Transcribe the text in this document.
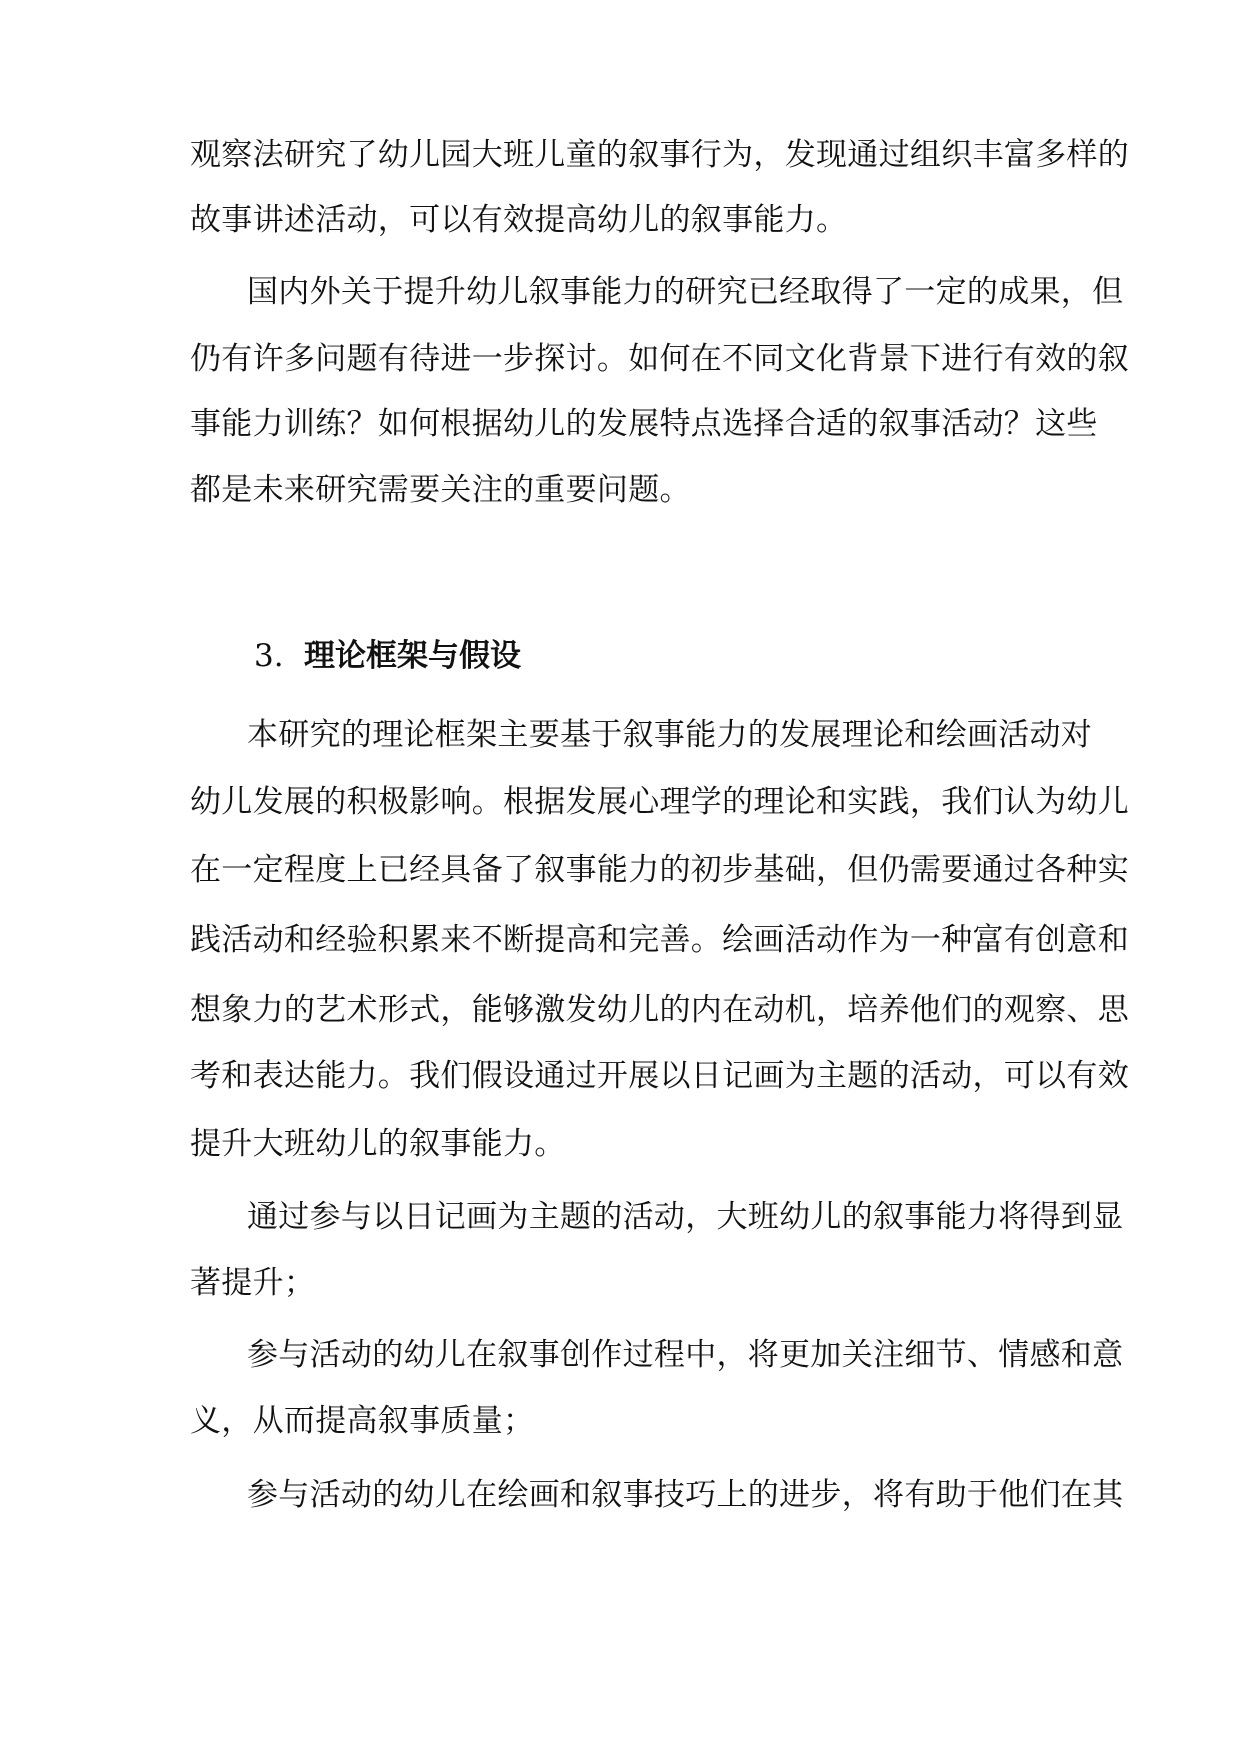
观察法研究了幼儿园大班儿童的叙事行为，发现通过组织丰富多样的
故事讲述活动，可以有效提高幼儿的叙事能力。
国内外关于提升幼儿叙事能力的研究已经取得了一定的成果，但
仍有许多问题有待进一步探讨。如何在不同文化背景下进行有效的叙
事能力训练？如何根据幼儿的发展特点选择合适的叙事活动？这些
都是未来研究需要关注的重要问题。
3. 理论框架与假设
本研究的理论框架主要基于叙事能力的发展理论和绘画活动对
幼儿发展的积极影响。根据发展心理学的理论和实践，我们认为幼儿
在一定程度上已经具备了叙事能力的初步基础，但仍需要通过各种实
践活动和经验积累来不断提高和完善。绘画活动作为一种富有创意和
想象力的艺术形式，能够激发幼儿的内在动机，培养他们的观察、思
考和表达能力。我们假设通过开展以日记画为主题的活动，可以有效
提升大班幼儿的叙事能力。
通过参与以日记画为主题的活动，大班幼儿的叙事能力将得到显
著提升；
参与活动的幼儿在叙事创作过程中，将更加关注细节、情感和意
义，从而提高叙事质量；
参与活动的幼儿在绘画和叙事技巧上的进步，将有助于他们在其
